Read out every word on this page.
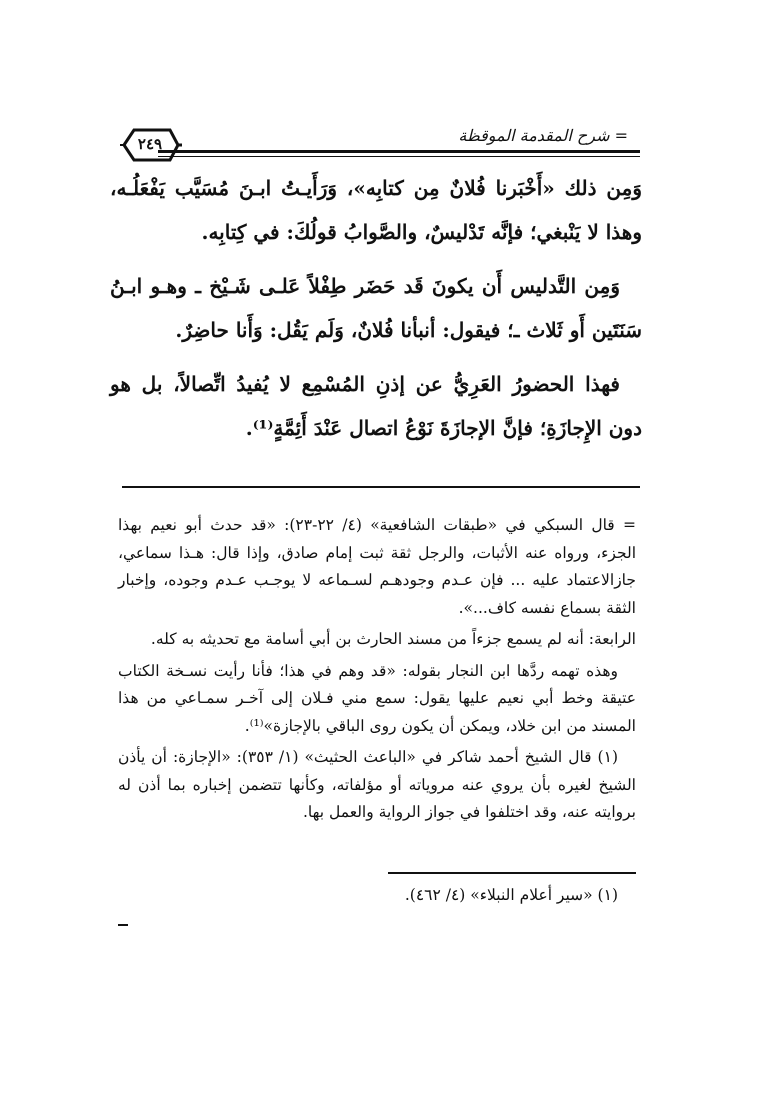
= شرح المقدمة الموقظة
٢٤٩

وَمِن ذلك «أَخْبَرنا فُلانٌ مِن كتابِه»، وَرَأَيـتُ ابـنَ مُسَيَّب يَفْعَلُـه، وهذا لا يَنْبغي؛ فإنَّه تَدْليسٌ، والصَّوابُ قولُكَ: في كِتابِه.

وَمِن التَّدليس أَن يكونَ قَد حَضَر طِفْلاً عَلـى شَـيْخ ـ وهـو ابـنُ سَنَتَين أَو ثَلاث ـ؛ فيقول: أنبأنا فُلانٌ، وَلَم يَقُل: وَأَنا حاضِرٌ.

فهذا الحضورُ العَرِيُّ عن إذنِ المُسْمِع لا يُفيدُ اتِّصالاً، بل هو دون الإِجازَةِ؛ فإنَّ الإجازَةَ نَوْعُ اتصال عَنْدَ أَئِمَّةٍ⁽¹⁾.

= قال السبكي في «طبقات الشافعية» (٤/ ٢٢-٢٣): «قد حدث أبو نعيم بهذا الجزء، ورواه عنه الأثبات، والرجل ثقة ثبت إمام صادق، وإذا قال: هـذا سماعي، جازالاعتماد عليه ... فإن عـدم وجودهـم لسـماعه لا يوجـب عـدم وجوده، وإخبار الثقة بسماع نفسه كاف...».

الرابعة: أنه لم يسمع جزءاً من مسند الحارث بن أبي أسامة مع تحديثه به كله.

وهذه تهمه ردَّها ابن النجار بقوله: «قد وهم في هذا؛ فأنا رأيت نسـخة الكتاب عتيقة وخط أبي نعيم عليها يقول: سمع مني فـلان إلى آخـر سمـاعي من هذا المسند من ابن خلاد، ويمكن أن يكون روى الباقي بالإجازة»⁽¹⁾.

(١) قال الشيخ أحمد شاكر في «الباعث الحثيث» (١/ ٣٥٣): «الإجازة: أن يأذن الشيخ لغيره بأن يروي عنه مروياته أو مؤلفاته، وكأنها تتضمن إخباره بما أذن له بروايته عنه، وقد اختلفوا في جواز الرواية والعمل بها.

(١) «سير أعلام النبلاء» (٤/ ٤٦٢).
